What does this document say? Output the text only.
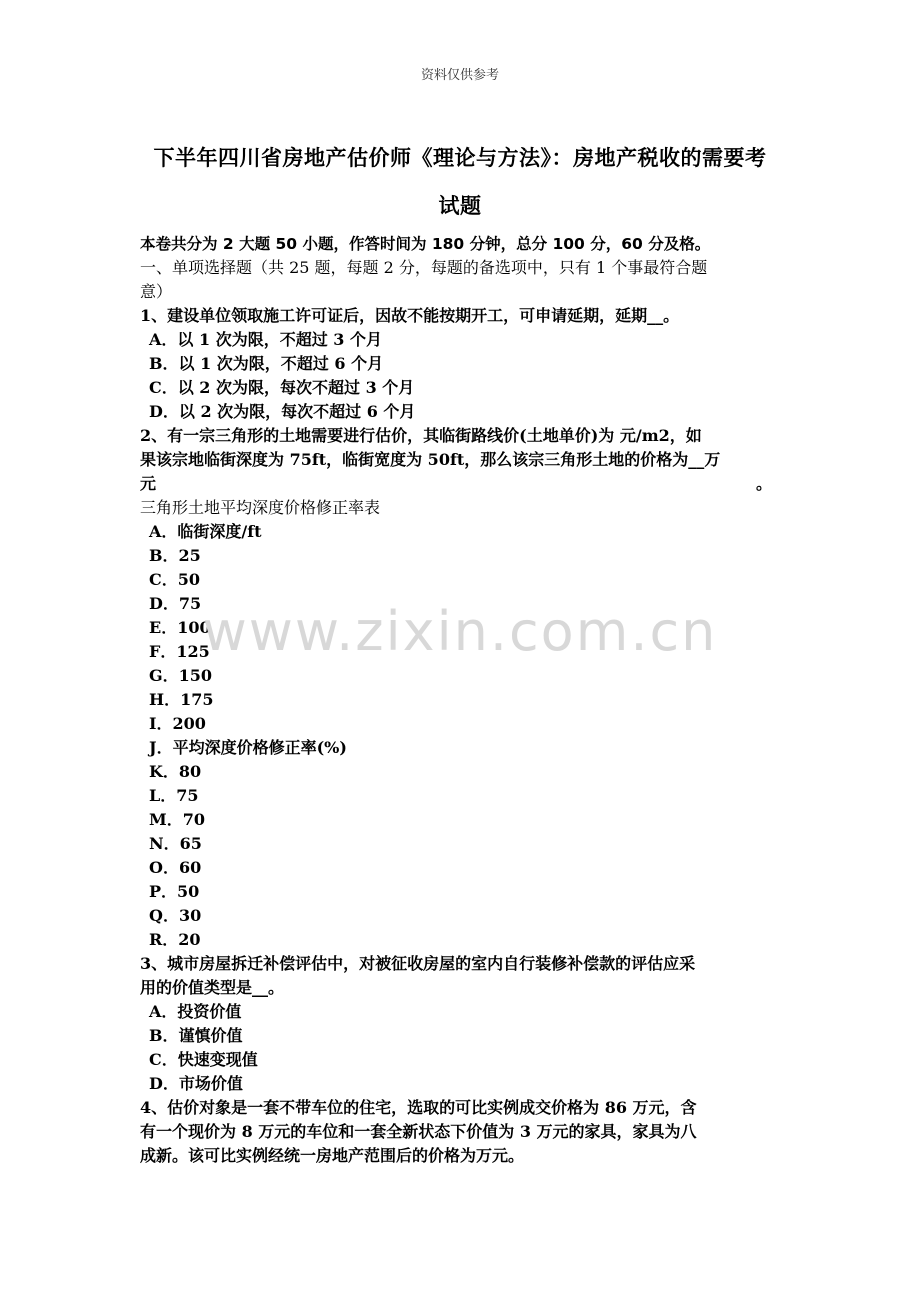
资料仅供参考
下半年四川省房地产估价师《理论与方法》：房地产税收的需要考
试题
本卷共分为 2 大题 50 小题，作答时间为 180 分钟，总分 100 分，60 分及格。
一、单项选择题（共 25 题，每题 2 分，每题的备选项中，只有 1 个事最符合题
意）
1、建设单位领取施工许可证后，因故不能按期开工，可申请延期，延期__。
A．以 1 次为限，不超过 3 个月
B．以 1 次为限，不超过 6 个月
C．以 2 次为限，每次不超过 3 个月
D．以 2 次为限，每次不超过 6 个月
2、有一宗三角形的土地需要进行估价，其临街路线价(土地单价)为 元/m2，如
果该宗地临街深度为 75ft，临街宽度为 50ft，那么该宗三角形土地的价格为__万
元	。
三角形土地平均深度价格修正率表
A．临街深度/ft
B．25
C．50
D．75
E．100
F．125
G．150
H．175
I．200
J．平均深度价格修正率(%)
K．80
L．75
M．70
N．65
O．60
P．50
Q．30
R．20
3、城市房屋拆迁补偿评估中，对被征收房屋的室内自行装修补偿款的评估应采
用的价值类型是__。
A．投资价值
B．谨慎价值
C．快速变现值
D．市场价值
4、估价对象是一套不带车位的住宅，选取的可比实例成交价格为 86 万元，含
有一个现价为 8 万元的车位和一套全新状态下价值为 3 万元的家具，家具为八
成新。该可比实例经统一房地产范围后的价格为万元。
www.zixin.com.cn
